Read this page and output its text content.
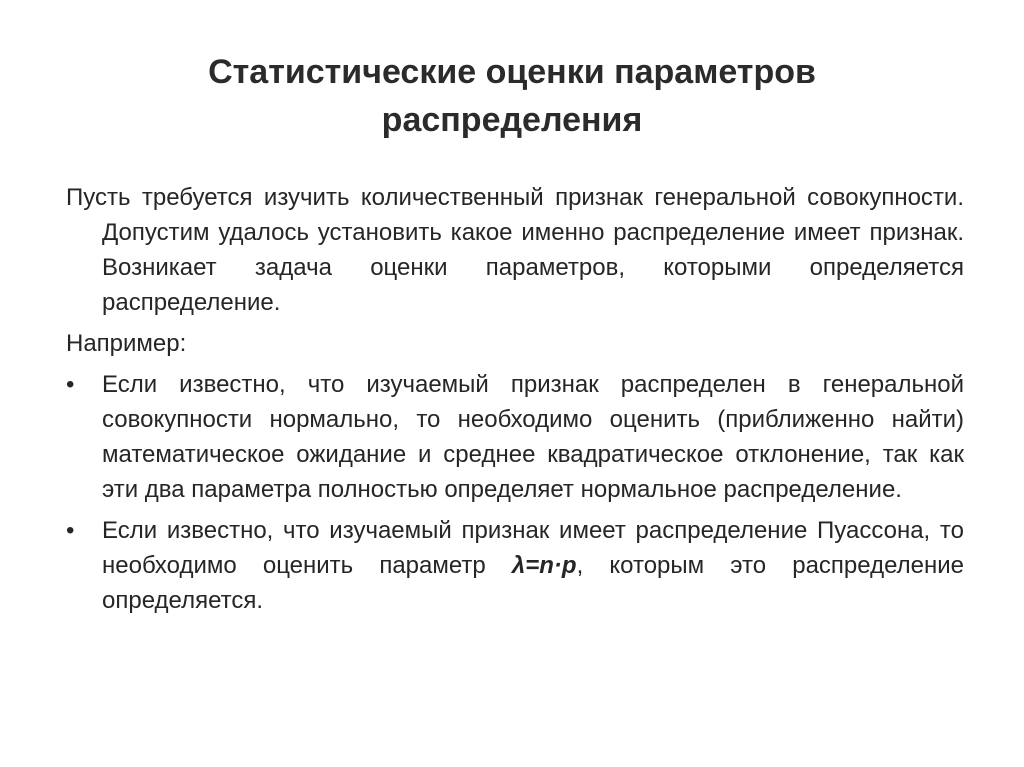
Статистические оценки параметров
распределения

Пусть требуется изучить количественный признак генеральной совокупности. Допустим удалось установить какое именно распределение имеет признак. Возникает задача оценки параметров, которыми определяется распределение.

Например:

•	Если известно, что изучаемый признак распределен в генеральной совокупности нормально, то необходимо оценить (приближенно найти) математическое ожидание и среднее квадратическое отклонение, так как эти два параметра полностью определяет нормальное распределение.
•	Если известно, что изучаемый признак имеет распределение Пуассона, то необходимо оценить параметр λ=n·p, которым это распределение определяется.
